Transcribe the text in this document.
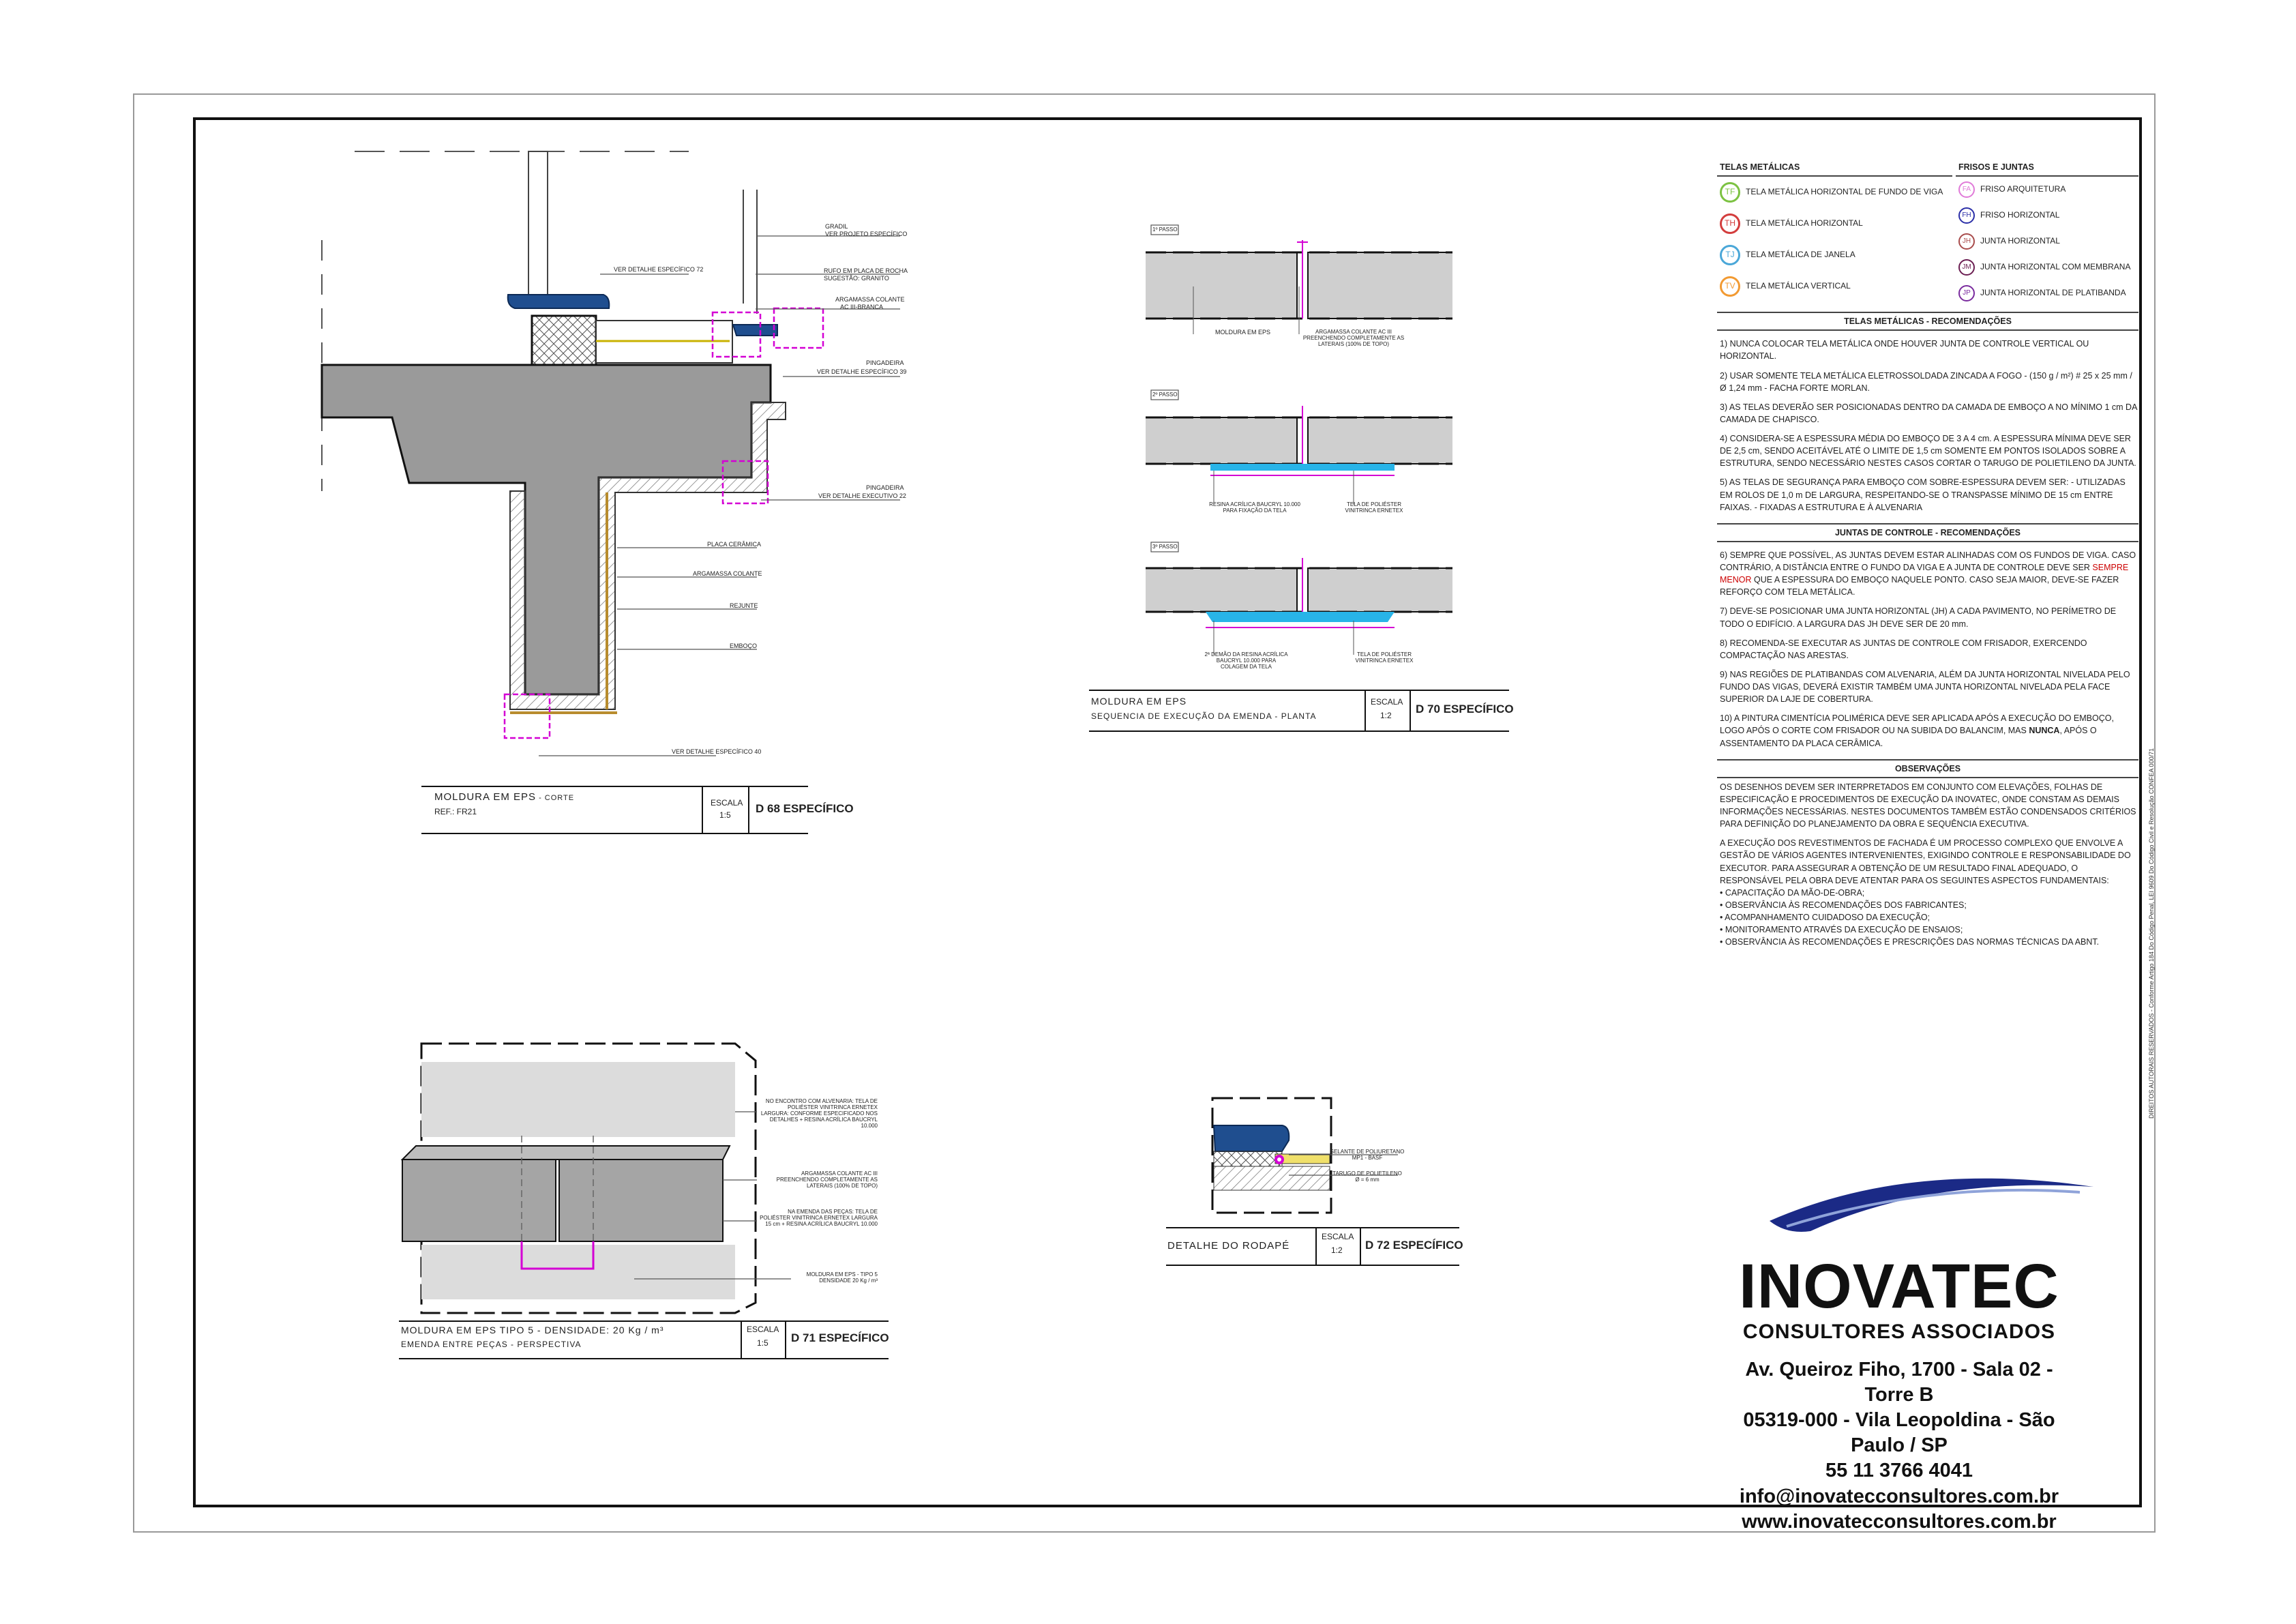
GRADIL
VER PROJETO ESPECÍFICO
VER DETALHE ESPECÍFICO 72	RUFO EM PLACA DE ROCHA
SUGESTÃO: GRANITO
ARGAMASSA COLANTE
AC III-BRANCA
PINGADEIRA
VER DETALHE ESPECÍFICO 39
PINGADEIRA
VER DETALHE EXECUTIVO 22
PLACA CERÂMICA
ARGAMASSA COLANTE
REJUNTE
EMBOÇO
VER DETALHE ESPECÍFICO 40
MOLDURA EM EPS - CORTE
REF.: FR21
ESCALA
1:5 D 68 ESPECÍFICO
1º PASSO
2º PASSO
3º PASSO
MOLDURA EM EPS	ARGAMASSA COLANTE AC III PREENCHENDO COMPLETAMENTE AS LATERAIS (100% DE TOPO)
RESINA ACRÍLICA BAUCRYL 10.000 PARA FIXAÇÃO DA TELA
TELA DE POLIÉSTER VINITRINCA ERNETEX
2ª DEMÃO DA RESINA ACRÍLICA BAUCRYL 10.000 PARA COLAGEM DA TELA
TELA DE POLIÉSTER VINITRINCA ERNETEX
MOLDURA EM EPS
SEQUENCIA DE EXECUÇÃO DA EMENDA - PLANTA
ESCALA
1:2 D 70 ESPECÍFICO
NO ENCONTRO COM ALVENARIA: TELA DE POLIÉSTER VINITRINCA ERNETEX LARGURA: CONFORME ESPECIFICADO NOS DETALHES + RESINA ACRÍLICA BAUCRYL 10.000
ARGAMASSA COLANTE AC III PREENCHENDO COMPLETAMENTE AS LATERAIS (100% DE TOPO)
NA EMENDA DAS PEÇAS: TELA DE POLIÉSTER VINITRINCA ERNETEX LARGURA 15 cm + RESINA ACRÍLICA BAUCRYL 10.000
MOLDURA EM EPS - TIPO 5 DENSIDADE 20 Kg / m³
MOLDURA EM EPS TIPO 5 - DENSIDADE: 20 Kg / m³
EMENDA ENTRE PEÇAS - PERSPECTIVA
ESCALA
1:5 D 71 ESPECÍFICO
SELANTE DE POLIURETANO MP1 - BASF
TARUGO DE POLIETILENO Ø = 6 mm
DETALHE DO RODAPÉ
ESCALA
1:2 D 72 ESPECÍFICO
TELAS METÁLICAS
TF	TELA METÁLICA HORIZONTAL DE FUNDO DE VIGA
TH	TELA METÁLICA HORIZONTAL
TJ	TELA METÁLICA DE JANELA
TV	TELA METÁLICA VERTICAL
FRISOS E JUNTAS
FA	FRISO ARQUITETURA
FH	FRISO HORIZONTAL
JH	JUNTA HORIZONTAL
JM	JUNTA HORIZONTAL COM MEMBRANA
JP	JUNTA HORIZONTAL DE PLATIBANDA
TELAS METÁLICAS - RECOMENDAÇÕES

1) NUNCA COLOCAR TELA METÁLICA ONDE HOUVER JUNTA DE CONTROLE VERTICAL OU HORIZONTAL.

2) USAR SOMENTE TELA METÁLICA ELETROSSOLDADA ZINCADA A FOGO - (150 g / m²) # 25 x 25 mm / Ø 1,24 mm - FACHA FORTE MORLAN.

3) AS TELAS DEVERÃO SER POSICIONADAS DENTRO DA CAMADA DE EMBOÇO A NO MÍNIMO 1 cm DA CAMADA DE CHAPISCO.

4) CONSIDERA-SE A ESPESSURA MÉDIA DO EMBOÇO DE 3 A 4 cm. A ESPESSURA MÍNIMA DEVE SER DE 2,5 cm, SENDO ACEITÁVEL ATÉ O LIMITE DE 1,5 cm SOMENTE EM PONTOS ISOLADOS SOBRE A ESTRUTURA, SENDO NECESSÁRIO NESTES CASOS CORTAR O TARUGO DE POLIETILENO DA JUNTA.

5) AS TELAS DE SEGURANÇA PARA EMBOÇO COM SOBRE-ESPESSURA DEVEM SER: - UTILIZADAS EM ROLOS DE 1,0 m DE LARGURA, RESPEITANDO-SE O TRANSPASSE MÍNIMO DE 15 cm ENTRE FAIXAS. - FIXADAS A ESTRUTURA E À ALVENARIA

JUNTAS DE CONTROLE - RECOMENDAÇÕES

6) SEMPRE QUE POSSÍVEL, AS JUNTAS DEVEM ESTAR ALINHADAS COM OS FUNDOS DE VIGA. CASO CONTRÁRIO, A DISTÂNCIA ENTRE O FUNDO DA VIGA E A JUNTA DE CONTROLE DEVE SER SEMPRE MENOR QUE A ESPESSURA DO EMBOÇO NAQUELE PONTO. CASO SEJA MAIOR, DEVE-SE FAZER REFORÇO COM TELA METÁLICA.

7) DEVE-SE POSICIONAR UMA JUNTA HORIZONTAL (JH) A CADA PAVIMENTO, NO PERÍMETRO DE TODO O EDIFÍCIO. A LARGURA DAS JH DEVE SER DE 20 mm.

8) RECOMENDA-SE EXECUTAR AS JUNTAS DE CONTROLE COM FRISADOR, EXERCENDO COMPACTAÇÃO NAS ARESTAS.

9) NAS REGIÕES DE PLATIBANDAS COM ALVENARIA, ALÉM DA JUNTA HORIZONTAL NIVELADA PELO FUNDO DAS VIGAS, DEVERÁ EXISTIR TAMBÉM UMA JUNTA HORIZONTAL NIVELADA PELA FACE SUPERIOR DA LAJE DE COBERTURA.

10) A PINTURA CIMENTÍCIA POLIMÉRICA DEVE SER APLICADA APÓS A EXECUÇÃO DO EMBOÇO, LOGO APÓS O CORTE COM FRISADOR OU NA SUBIDA DO BALANCIM, MAS NUNCA, APÓS O ASSENTAMENTO DA PLACA CERÂMICA.

OBSERVAÇÕES

OS DESENHOS DEVEM SER INTERPRETADOS EM CONJUNTO COM ELEVAÇÕES, FOLHAS DE ESPECIFICAÇÃO E PROCEDIMENTOS DE EXECUÇÃO DA INOVATEC, ONDE CONSTAM AS DEMAIS INFORMAÇÕES NECESSÁRIAS. NESTES DOCUMENTOS TAMBÉM ESTÃO CONDENSADOS CRITÉRIOS PARA DEFINIÇÃO DO PLANEJAMENTO DA OBRA E SEQUÊNCIA EXECUTIVA.

A EXECUÇÃO DOS REVESTIMENTOS DE FACHADA É UM PROCESSO COMPLEXO QUE ENVOLVE A GESTÃO DE VÁRIOS AGENTES INTERVENIENTES, EXIGINDO CONTROLE E RESPONSABILIDADE DO EXECUTOR. PARA ASSEGURAR A OBTENÇÃO DE UM RESULTADO FINAL ADEQUADO, O RESPONSÁVEL PELA OBRA DEVE ATENTAR PARA OS SEGUINTES ASPECTOS FUNDAMENTAIS:

• CAPACITAÇÃO DA MÃO-DE-OBRA;
• OBSERVÂNCIA ÀS RECOMENDAÇÕES DOS FABRICANTES;
• ACOMPANHAMENTO CUIDADOSO DA EXECUÇÃO;
• MONITORAMENTO ATRAVÉS DA EXECUÇÃO DE ENSAIOS;
• OBSERVÂNCIA ÀS RECOMENDAÇÕES E PRESCRIÇÕES DAS NORMAS TÉCNICAS DA ABNT.
INOVATEC
CONSULTORES ASSOCIADOS
Av. Queiroz Fiho, 1700 - Sala 02 - Torre B
05319-000 - Vila Leopoldina - São Paulo / SP
55 11 3766 4041
info@inovatecconsultores.com.br
www.inovatecconsultores.com.br
DIREITOS AUTORAIS RESERVADOS - Conforme Artigo 184 Do Código Penal, LEI 9609 Do Código Civil e Resolução CONFEA 000/71
